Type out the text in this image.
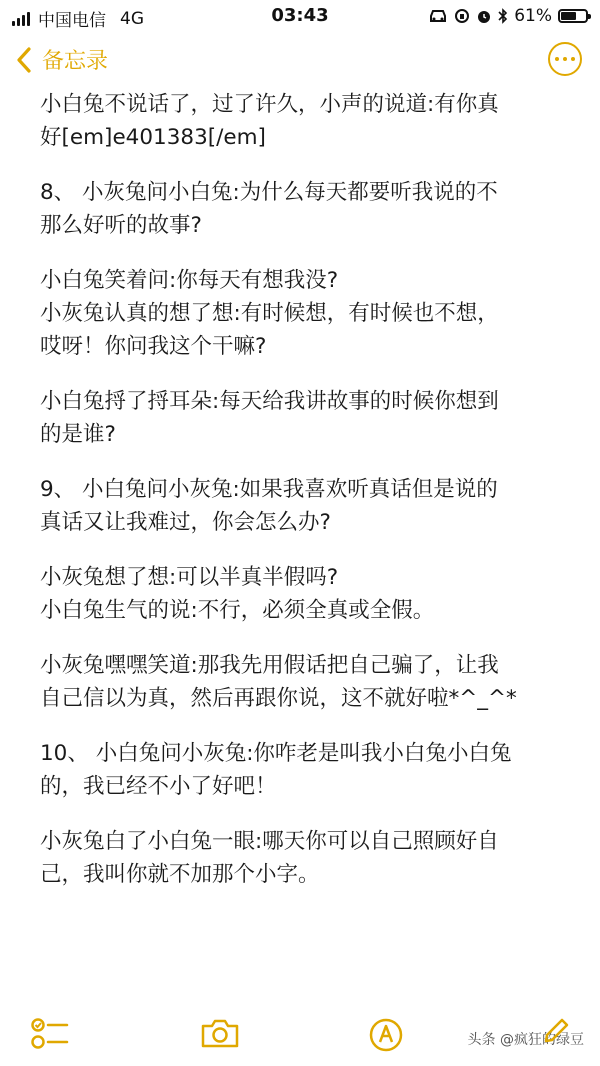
中国电信 4G	03:43	61%
备忘录

小白兔不说话了，过了许久，小声的说道:有你真
好[em]e401383[/em]

8、 小灰兔问小白兔:为什么每天都要听我说的不
那么好听的故事?

小白兔笑着问:你每天有想我没?
小灰兔认真的想了想:有时候想，有时候也不想，
哎呀！你问我这个干嘛?

小白兔捋了捋耳朵:每天给我讲故事的时候你想到
的是谁?

9、 小白兔问小灰兔:如果我喜欢听真话但是说的
真话又让我难过，你会怎么办?

小灰兔想了想:可以半真半假吗?
小白兔生气的说:不行，必须全真或全假。

小灰兔嘿嘿笑道:那我先用假话把自己骗了，让我
自己信以为真，然后再跟你说，这不就好啦*^_^*

10、 小白兔问小灰兔:你咋老是叫我小白兔小白兔
的，我已经不小了好吧！

小灰兔白了小白兔一眼:哪天你可以自己照顾好自
己，我叫你就不加那个小字。

头条 @疯狂的绿豆
